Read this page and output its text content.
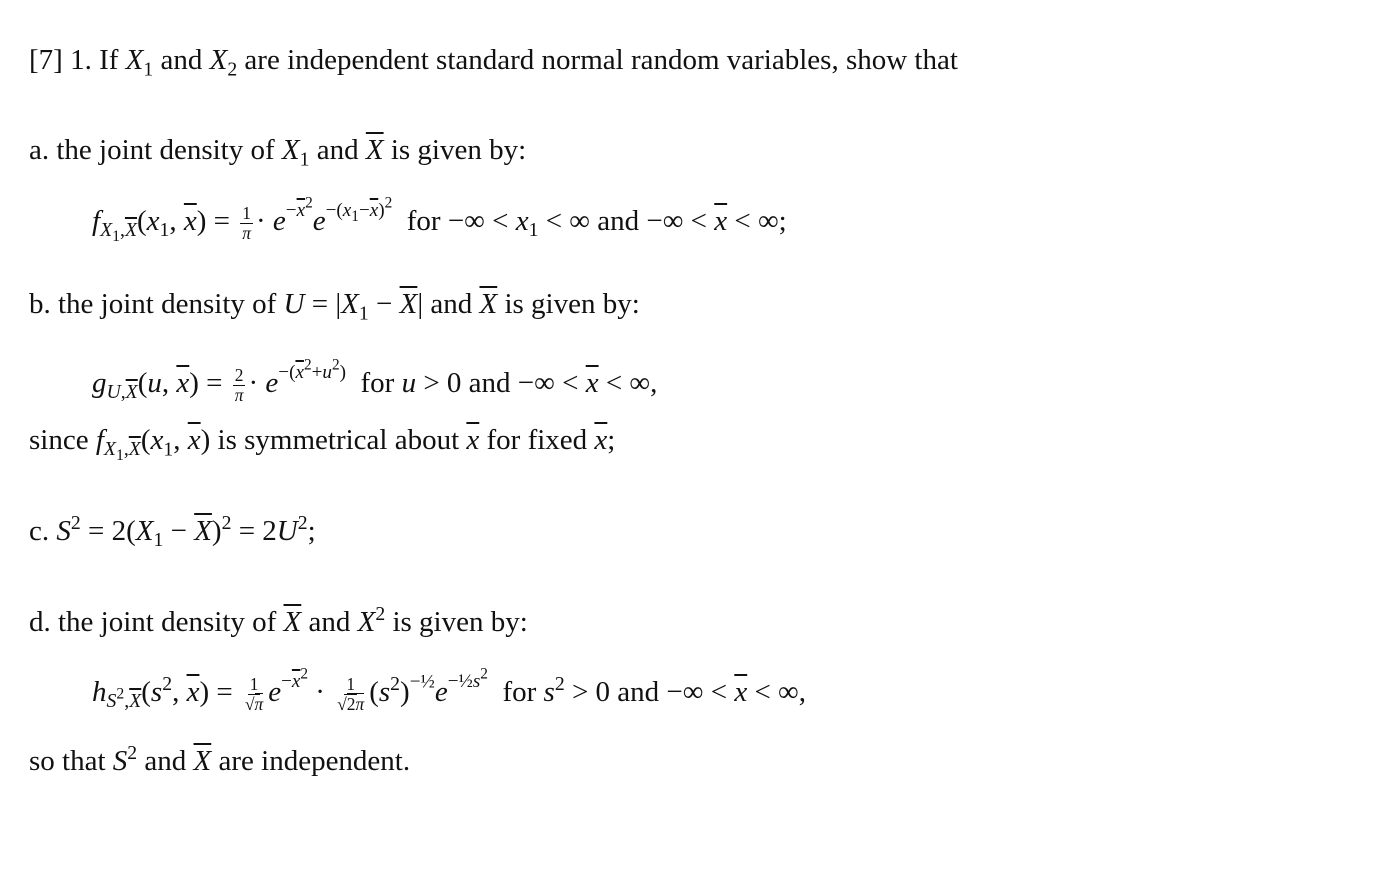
[7] 1. If $X_1$ and $X_2$ are independent standard normal random variables, show that
a. the joint density of $X_1$ and $\overline{X}$ is given by:
$f_{X_1,\overline{X}}(x_1$, $\overline{x}) = \frac{1}{\pi} \cdot e^{-\overline{x}^2}e^{-(x_1-\overline{x})^2}$  for −∞ < $x_1$ < ∞ and −∞ < $\overline{x}$ < ∞;
b. the joint density of $U = |X_1 - \overline{X}|$ and $\overline{X}$ is given by:
$g_{U,\overline{X}}(u$, $\overline{x}) = \frac{2}{\pi} \cdot e^{-(\overline{x}^2+u^2)}$  for u > 0 and −∞ < $\overline{x}$ < ∞,
since $f_{X_1,\overline{X}}(x_1$, $\overline{x}$) is symmetrical about $\overline{x}$ for fixed $\overline{x}$;
c. $S^2 = 2(X_1 - \overline{X})^2 = 2U^2$;
d. the joint density of $\overline{X}$ and $X^2$ is given by:
$h_{S^2,\overline{X}}(s^2$, $\overline{x}) = \frac{1}{√\pi} e^{-\overline{x}^2} \cdot \frac{1}{√2\pi} (s^2)^{-\frac{1}{2}}e^{-\frac{1}{2}s^2}$  for $s^2 > 0$ and −∞ < $\overline{x}$ < ∞,
so that $S^2$ and $\overline{X}$ are independent.
